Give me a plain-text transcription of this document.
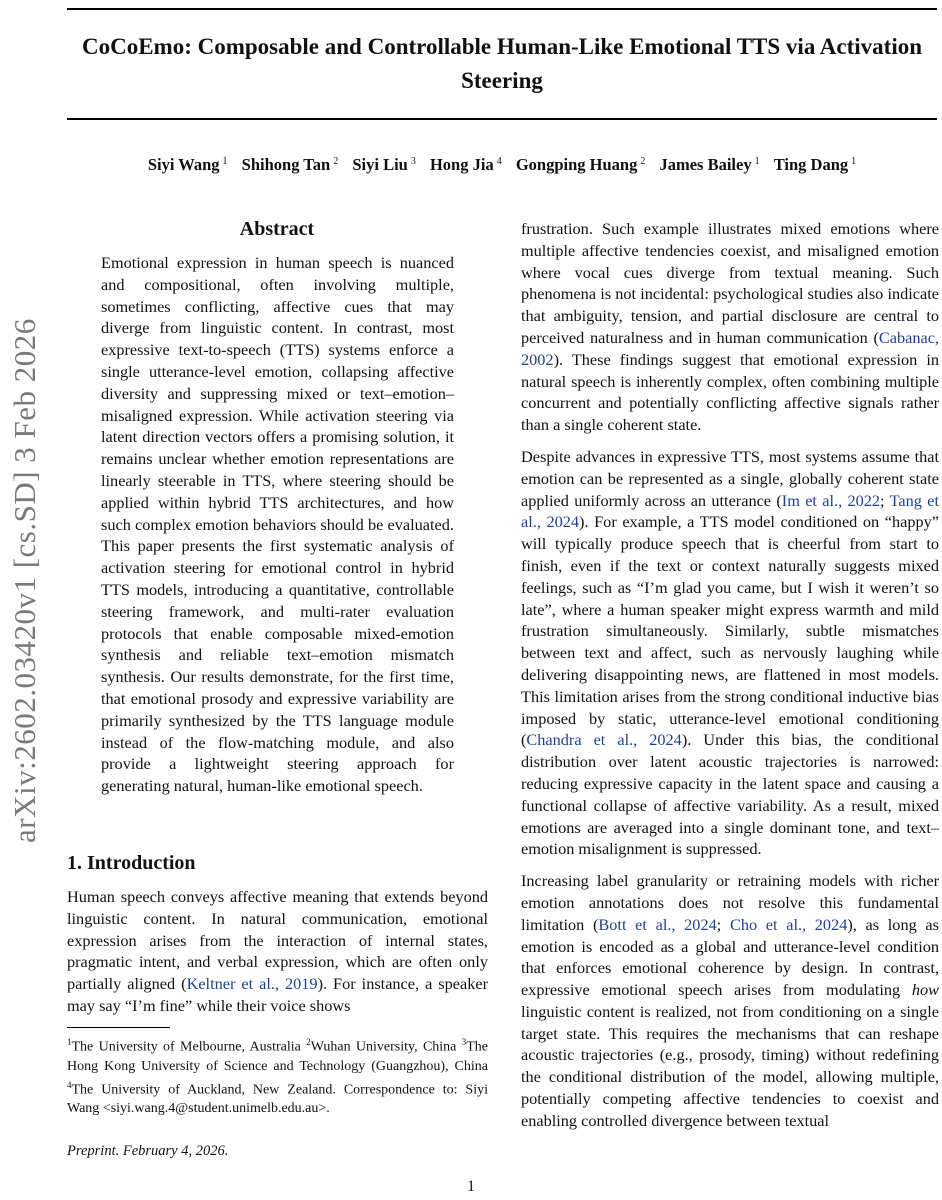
CoCoEmo: Composable and Controllable Human-Like Emotional TTS via Activation Steering
Siyi Wang $^1$ Shihong Tan $^2$ Siyi Liu $^3$ Hong Jia $^4$ Gongping Huang $^2$ James Bailey $^1$ Ting Dang $^1$
arXiv:2602.03420v1 [cs.SD] 3 Feb 2026
Abstract
Emotional expression in human speech is nuanced and compositional, often involving multiple, sometimes conflicting, affective cues that may diverge from linguistic content. In contrast, most expressive text-to-speech (TTS) systems enforce a single utterance-level emotion, collapsing affective diversity and suppressing mixed or text–emotion–misaligned expression. While activation steering via latent direction vectors offers a promising solution, it remains unclear whether emotion representations are linearly steerable in TTS, where steering should be applied within hybrid TTS architectures, and how such complex emotion behaviors should be evaluated. This paper presents the first systematic analysis of activation steering for emotional control in hybrid TTS models, introducing a quantitative, controllable steering framework, and multi-rater evaluation protocols that enable composable mixed-emotion synthesis and reliable text–emotion mismatch synthesis. Our results demonstrate, for the first time, that emotional prosody and expressive variability are primarily synthesized by the TTS language module instead of the flow-matching module, and also provide a lightweight steering approach for generating natural, human-like emotional speech.
1. Introduction
Human speech conveys affective meaning that extends beyond linguistic content. In natural communication, emotional expression arises from the interaction of internal states, pragmatic intent, and verbal expression, which are often only partially aligned (Keltner et al., 2019). For instance, a speaker may say “I’m fine” while their voice shows

frustration. Such example illustrates mixed emotions where multiple affective tendencies coexist, and misaligned emotion where vocal cues diverge from textual meaning. Such phenomena is not incidental: psychological studies also indicate that ambiguity, tension, and partial disclosure are central to perceived naturalness and in human communication (Cabanac, 2002). These findings suggest that emotional expression in natural speech is inherently complex, often combining multiple concurrent and potentially conflicting affective signals rather than a single coherent state.

Despite advances in expressive TTS, most systems assume that emotion can be represented as a single, globally coherent state applied uniformly across an utterance (Im et al., 2022; Tang et al., 2024). For example, a TTS model conditioned on “happy” will typically produce speech that is cheerful from start to finish, even if the text or context naturally suggests mixed feelings, such as “I’m glad you came, but I wish it weren’t so late”, where a human speaker might express warmth and mild frustration simultaneously. Similarly, subtle mismatches between text and affect, such as nervously laughing while delivering disappointing news, are flattened in most models. This limitation arises from the strong conditional inductive bias imposed by static, utterance-level emotional conditioning (Chandra et al., 2024). Under this bias, the conditional distribution over latent acoustic trajectories is narrowed: reducing expressive capacity in the latent space and causing a functional collapse of affective variability. As a result, mixed emotions are averaged into a single dominant tone, and text–emotion misalignment is suppressed.

Increasing label granularity or retraining models with richer emotion annotations does not resolve this fundamental limitation (Bott et al., 2024; Cho et al., 2024), as long as emotion is encoded as a global and utterance-level condition that enforces emotional coherence by design. In contrast, expressive emotional speech arises from modulating how linguistic content is realized, not from conditioning on a single target state. This requires the mechanisms that can reshape acoustic trajectories (e.g., prosody, timing) without redefining the conditional distribution of the model, allowing multiple, potentially competing affective tendencies to coexist and enabling controlled divergence between textual

$^1$The University of Melbourne, Australia $^2$Wuhan University, China $^3$The Hong Kong University of Science and Technology (Guangzhou), China $^4$The University of Auckland, New Zealand. Correspondence to: Siyi Wang <siyi.wang.4@student.unimelb.edu.au>.
Preprint. February 4, 2026.
1
